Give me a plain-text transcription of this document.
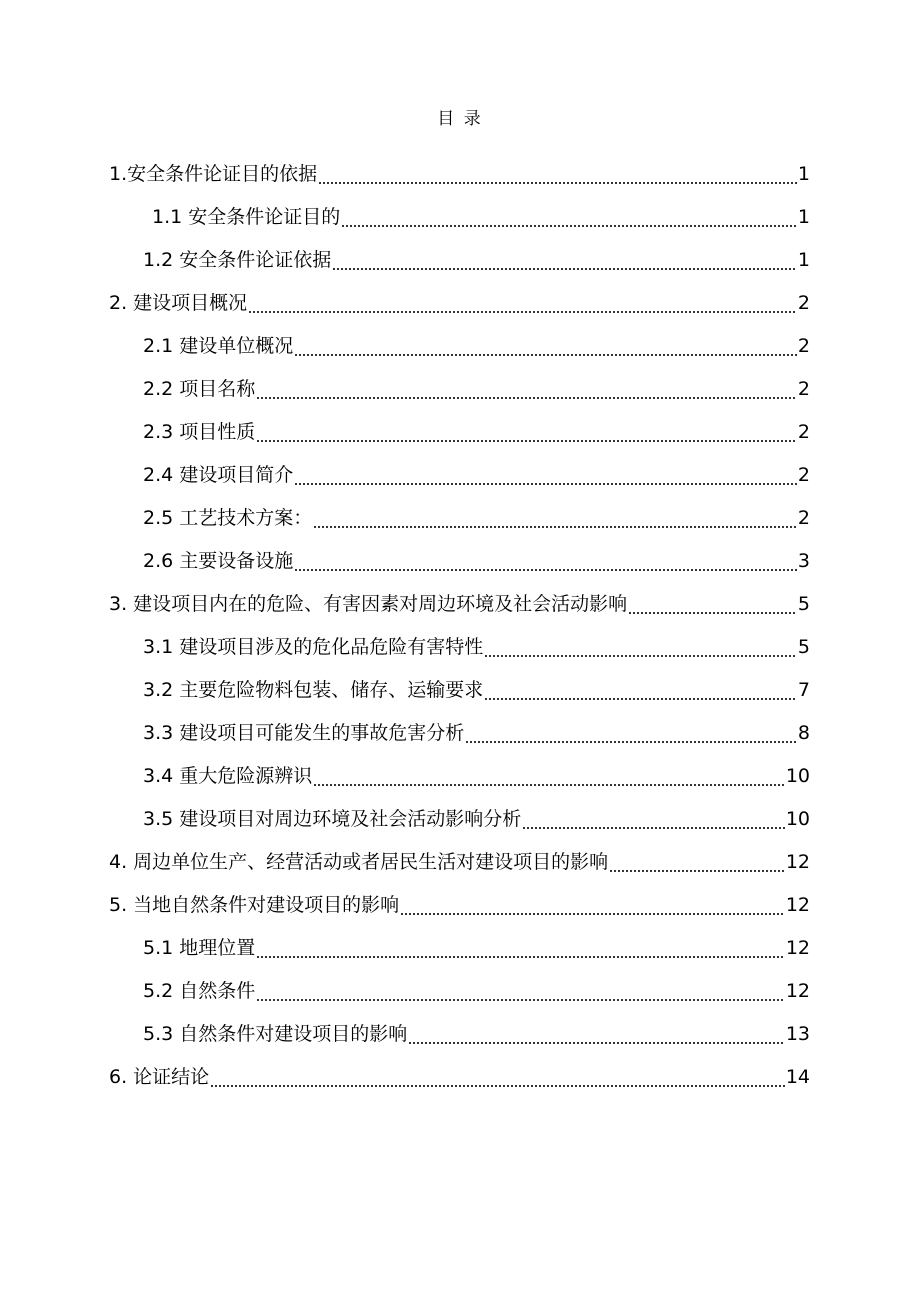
目 录
1.安全条件论证目的依据	1
1.1 安全条件论证目的	1
1.2 安全条件论证依据	1
2. 建设项目概况	2
2.1 建设单位概况	2
2.2 项目名称	2
2.3 项目性质	2
2.4 建设项目简介	2
2.5 工艺技术方案：	2
2.6 主要设备设施	3
3. 建设项目内在的危险、有害因素对周边环境及社会活动影响	5
3.1 建设项目涉及的危化品危险有害特性	5
3.2 主要危险物料包装、储存、运输要求	7
3.3 建设项目可能发生的事故危害分析	8
3.4 重大危险源辨识	10
3.5 建设项目对周边环境及社会活动影响分析	10
4. 周边单位生产、经营活动或者居民生活对建设项目的影响	12
5. 当地自然条件对建设项目的影响	12
5.1 地理位置	12
5.2 自然条件	12
5.3 自然条件对建设项目的影响	13
6. 论证结论	14
